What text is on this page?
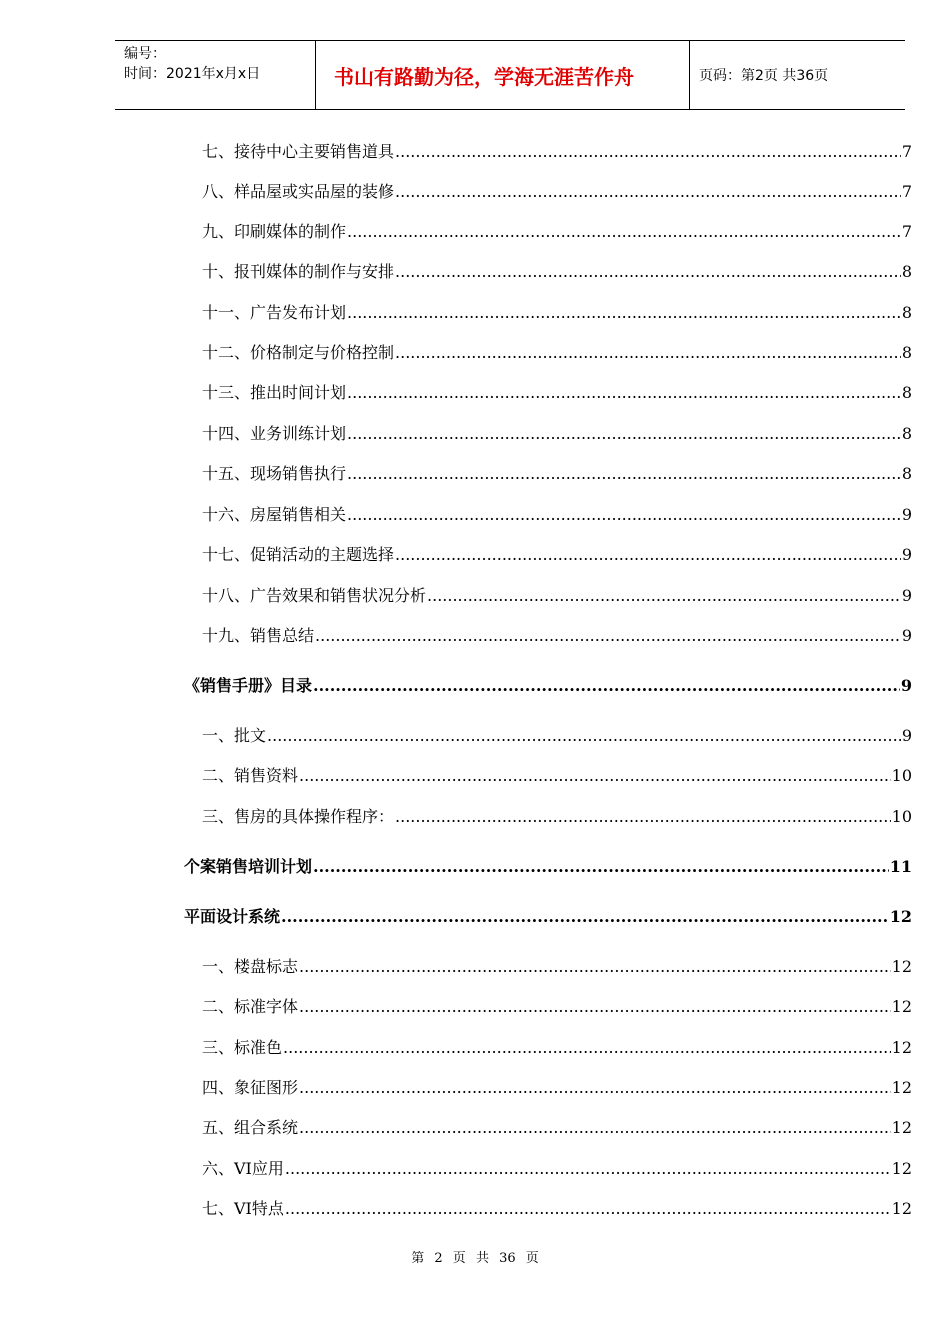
编号：
时间：2021年x月x日	书山有路勤为径，学海无涯苦作舟	页码：第2页 共36页
七、接待中心主要销售道具 .....	7
八、样品屋或实品屋的装修 .....	7
九、印刷媒体的制作 .....	7
十、报刊媒体的制作与安排 .....	8
十一、广告发布计划 .....	8
十二、价格制定与价格控制 .....	8
十三、推出时间计划 .....	8
十四、业务训练计划 .....	8
十五、现场销售执行 .....	8
十六、房屋销售相关 .....	9
十七、促销活动的主题选择 .....	9
十八、广告效果和销售状况分析 .....	9
十九、销售总结 .....	9
《销售手册》目录 .....	9
一、批文 .....	9
二、销售资料 .....	10
三、售房的具体操作程序： .....	10
个案销售培训计划 .....	11
平面设计系统 .....	12
一、楼盘标志 .....	12
二、标准字体 .....	12
三、标准色 .....	12
四、象征图形 .....	12
五、组合系统 .....	12
六、VI应用 .....	12
七、VI特点 .....	12
第 2 页 共 36 页
